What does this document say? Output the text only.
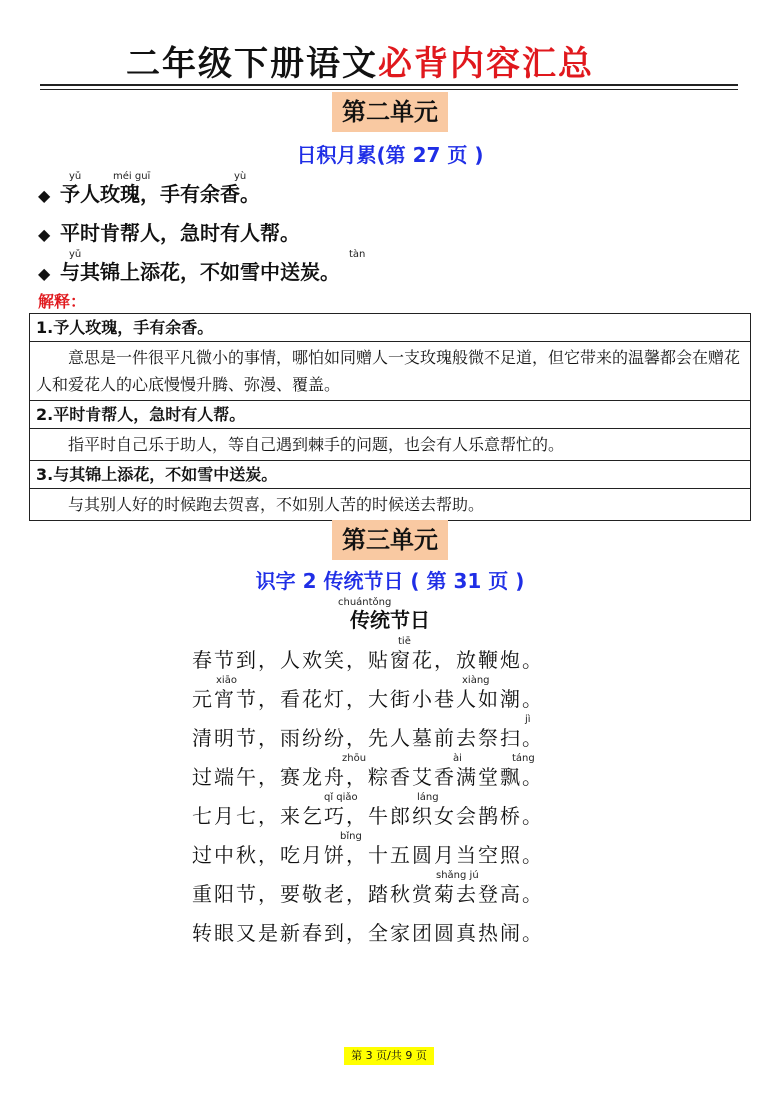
二年级下册语文必背内容汇总
第二单元
日积月累(第 27 页 )
yǔ	méi guī	yù
◆ 予人玫瑰，手有余香。
◆ 平时肯帮人，急时有人帮。
yǔ	tàn
◆ 与其锦上添花，不如雪中送炭。
解释：
1.予人玫瑰，手有余香。
意思是一件很平凡微小的事情，哪怕如同赠人一支玫瑰般微不足道，但它带来的温馨都会在赠花人和爱花人的心底慢慢升腾、弥漫、覆盖。
2.平时肯帮人，急时有人帮。
指平时自己乐于助人，等自己遇到棘手的问题，也会有人乐意帮忙的。
3.与其锦上添花，不如雪中送炭。
与其别人好的时候跑去贺喜，不如别人苦的时候送去帮助。
第三单元
识字 2 传统节日 ( 第 31 页 )
chuántǒng
传统节日
tiē
xiāo	xiàng
jì
zhōu	ài	táng
qǐ qiǎo	láng
bǐng
shǎng jú
春节到，人欢笑，贴窗花，放鞭炮。
元宵节，看花灯，大街小巷人如潮。
清明节，雨纷纷，先人墓前去祭扫。
过端午，赛龙舟，粽香艾香满堂飘。
七月七，来乞巧，牛郎织女会鹊桥。
过中秋，吃月饼，十五圆月当空照。
重阳节，要敬老，踏秋赏菊去登高。
转眼又是新春到，全家团圆真热闹。
第 3 页/共 9 页
